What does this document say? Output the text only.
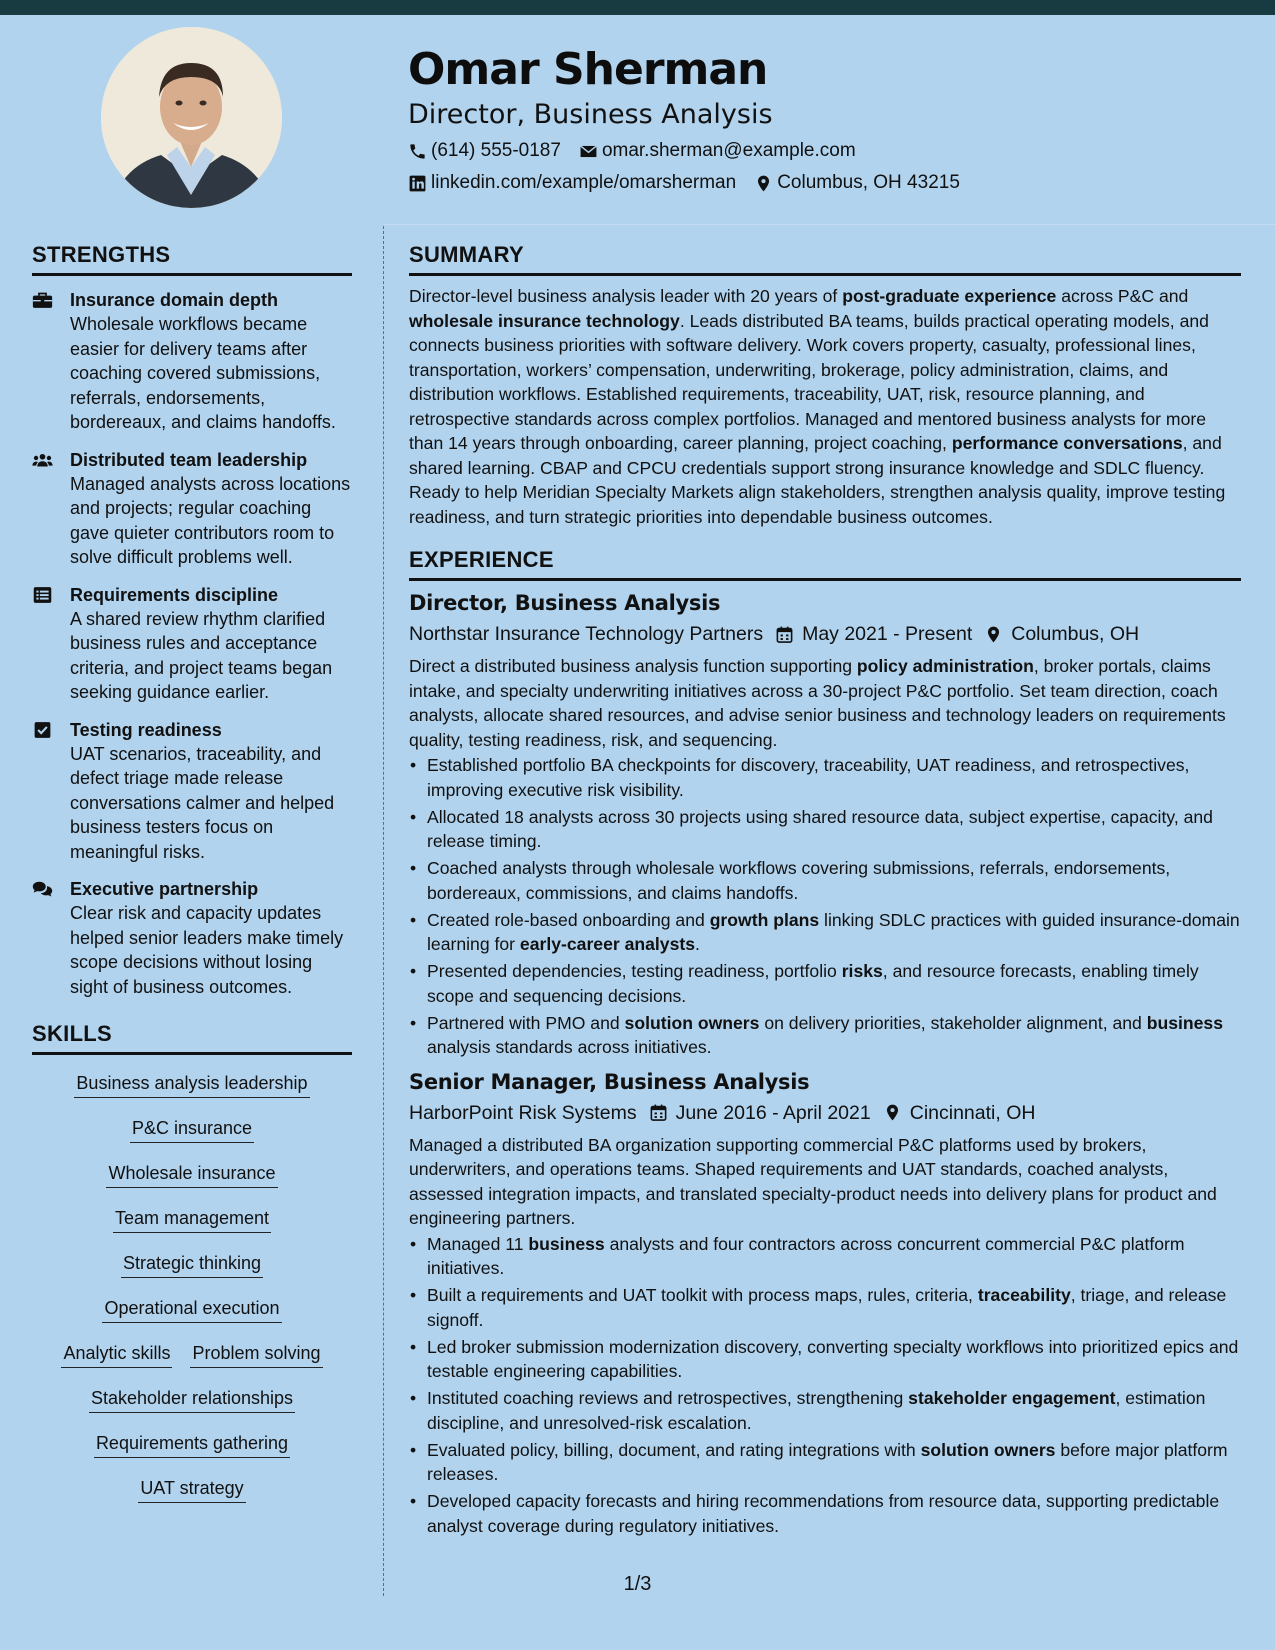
Omar Sherman
Director, Business Analysis
(614) 555-0187 omar.sherman@example.com
linkedin.com/example/omarsherman Columbus, OH 43215
STRENGTHS
Insurance domain depth
Wholesale workflows became easier for delivery teams after coaching covered submissions, referrals, endorsements, bordereaux, and claims handoffs.
Distributed team leadership
Managed analysts across locations and projects; regular coaching gave quieter contributors room to solve difficult problems well.
Requirements discipline
A shared review rhythm clarified business rules and acceptance criteria, and project teams began seeking guidance earlier.
Testing readiness
UAT scenarios, traceability, and defect triage made release conversations calmer and helped business testers focus on meaningful risks.
Executive partnership
Clear risk and capacity updates helped senior leaders make timely scope decisions without losing sight of business outcomes.
SKILLS
Business analysis leadership
P&C insurance
Wholesale insurance
Team management
Strategic thinking
Operational execution
Analytic skills Problem solving
Stakeholder relationships
Requirements gathering
UAT strategy
SUMMARY

Director-level business analysis leader with 20 years of post-graduate experience across P&C and wholesale insurance technology. Leads distributed BA teams, builds practical operating models, and connects business priorities with software delivery. Work covers property, casualty, professional lines, transportation, workers’ compensation, underwriting, brokerage, policy administration, claims, and distribution workflows. Established requirements, traceability, UAT, risk, resource planning, and retrospective standards across complex portfolios. Managed and mentored business analysts for more than 14 years through onboarding, career planning, project coaching, performance conversations, and shared learning. CBAP and CPCU credentials support strong insurance knowledge and SDLC fluency. Ready to help Meridian Specialty Markets align stakeholders, strengthen analysis quality, improve testing readiness, and turn strategic priorities into dependable business outcomes.

EXPERIENCE
Director, Business Analysis
Northstar Insurance Technology Partners May 2021 - Present Columbus, OH

Direct a distributed business analysis function supporting policy administration, broker portals, claims intake, and specialty underwriting initiatives across a 30-project P&C portfolio. Set team direction, coach analysts, allocate shared resources, and advise senior business and technology leaders on requirements quality, testing readiness, risk, and sequencing.

• Established portfolio BA checkpoints for discovery, traceability, UAT readiness, and retrospectives, improving executive risk visibility.
• Allocated 18 analysts across 30 projects using shared resource data, subject expertise, capacity, and release timing.
• Coached analysts through wholesale workflows covering submissions, referrals, endorsements, bordereaux, commissions, and claims handoffs.
• Created role-based onboarding and growth plans linking SDLC practices with guided insurance-domain learning for early-career analysts.
• Presented dependencies, testing readiness, portfolio risks, and resource forecasts, enabling timely scope and sequencing decisions.
• Partnered with PMO and solution owners on delivery priorities, stakeholder alignment, and business analysis standards across initiatives.
Senior Manager, Business Analysis
HarborPoint Risk Systems June 2016 - April 2021 Cincinnati, OH

Managed a distributed BA organization supporting commercial P&C platforms used by brokers, underwriters, and operations teams. Shaped requirements and UAT standards, coached analysts, assessed integration impacts, and translated specialty-product needs into delivery plans for product and engineering partners.

• Managed 11 business analysts and four contractors across concurrent commercial P&C platform initiatives.
• Built a requirements and UAT toolkit with process maps, rules, criteria, traceability, triage, and release signoff.
• Led broker submission modernization discovery, converting specialty workflows into prioritized epics and testable engineering capabilities.
• Instituted coaching reviews and retrospectives, strengthening stakeholder engagement, estimation discipline, and unresolved-risk escalation.
• Evaluated policy, billing, document, and rating integrations with solution owners before major platform releases.
• Developed capacity forecasts and hiring recommendations from resource data, supporting predictable analyst coverage during regulatory initiatives.
1/3
